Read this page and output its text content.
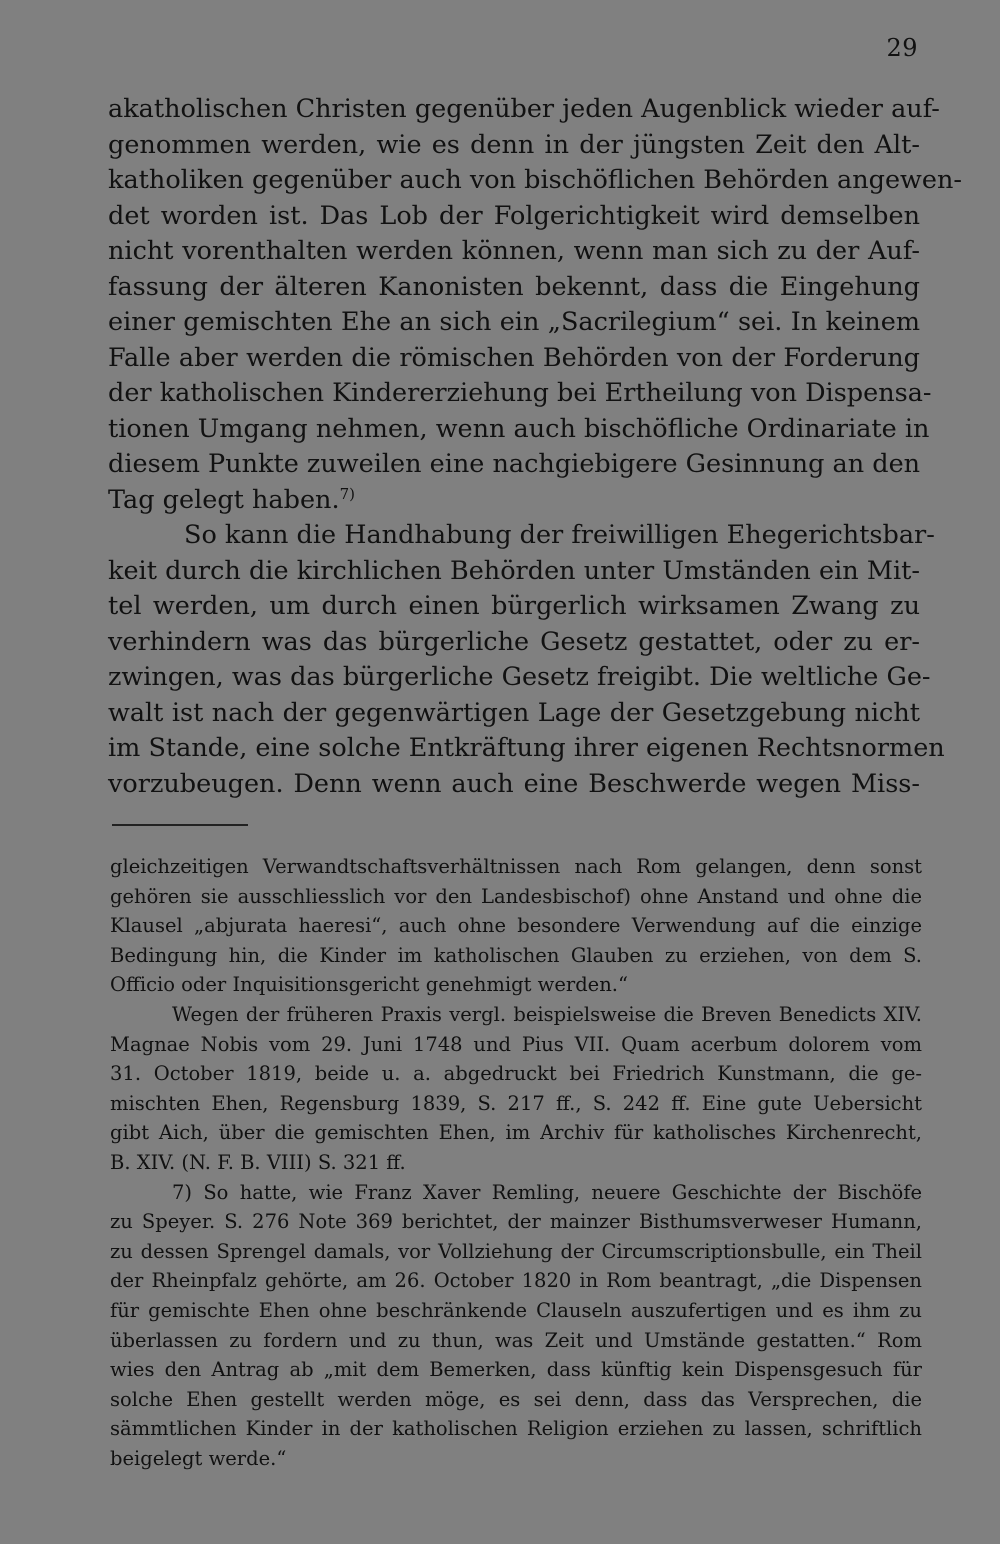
29
akatholischen Christen gegenüber jeden Augenblick wieder auf-
genommen werden, wie es denn in der jüngsten Zeit den Alt-
katholiken gegenüber auch von bischöflichen Behörden angewen-
det worden ist. Das Lob der Folgerichtigkeit wird demselben
nicht vorenthalten werden können, wenn man sich zu der Auf-
fassung der älteren Kanonisten bekennt, dass die Eingehung
einer gemischten Ehe an sich ein „Sacrilegium“ sei. In keinem
Falle aber werden die römischen Behörden von der Forderung
der katholischen Kindererziehung bei Ertheilung von Dispensa-
tionen Umgang nehmen, wenn auch bischöfliche Ordinariate in
diesem Punkte zuweilen eine nachgiebigere Gesinnung an den
Tag gelegt haben.$^{7)}$
So kann die Handhabung der freiwilligen Ehegerichtsbar-
keit durch die kirchlichen Behörden unter Umständen ein Mit-
tel werden, um durch einen bürgerlich wirksamen Zwang zu
verhindern was das bürgerliche Gesetz gestattet, oder zu er-
zwingen, was das bürgerliche Gesetz freigibt. Die weltliche Ge-
walt ist nach der gegenwärtigen Lage der Gesetzgebung nicht
im Stande, eine solche Entkräftung ihrer eigenen Rechtsnormen
vorzubeugen. Denn wenn auch eine Beschwerde wegen Miss-
gleichzeitigen Verwandtschaftsverhältnissen nach Rom gelangen, denn sonst
gehören sie ausschliesslich vor den Landesbischof) ohne Anstand und ohne die
Klausel „abjurata haeresi“, auch ohne besondere Verwendung auf die einzige
Bedingung hin, die Kinder im katholischen Glauben zu erziehen, von dem S.
Officio oder Inquisitionsgericht genehmigt werden.“
Wegen der früheren Praxis vergl. beispielsweise die Breven Benedicts XIV.
Magnae Nobis vom 29. Juni 1748 und Pius VII. Quam acerbum dolorem vom
31. October 1819, beide u. a. abgedruckt bei Friedrich Kunstmann, die ge-
mischten Ehen, Regensburg 1839, S. 217 ff., S. 242 ff. Eine gute Uebersicht
gibt Aich, über die gemischten Ehen, im Archiv für katholisches Kirchenrecht,
B. XIV. (N. F. B. VIII) S. 321 ff.
7) So hatte, wie Franz Xaver Remling, neuere Geschichte der Bischöfe
zu Speyer. S. 276 Note 369 berichtet, der mainzer Bisthumsverweser Humann,
zu dessen Sprengel damals, vor Vollziehung der Circumscriptionsbulle, ein Theil
der Rheinpfalz gehörte, am 26. October 1820 in Rom beantragt, „die Dispensen
für gemischte Ehen ohne beschränkende Clauseln auszufertigen und es ihm zu
überlassen zu fordern und zu thun, was Zeit und Umstände gestatten.“ Rom
wies den Antrag ab „mit dem Bemerken, dass künftig kein Dispensgesuch für
solche Ehen gestellt werden möge, es sei denn, dass das Versprechen, die
sämmtlichen Kinder in der katholischen Religion erziehen zu lassen, schriftlich
beigelegt werde.“
